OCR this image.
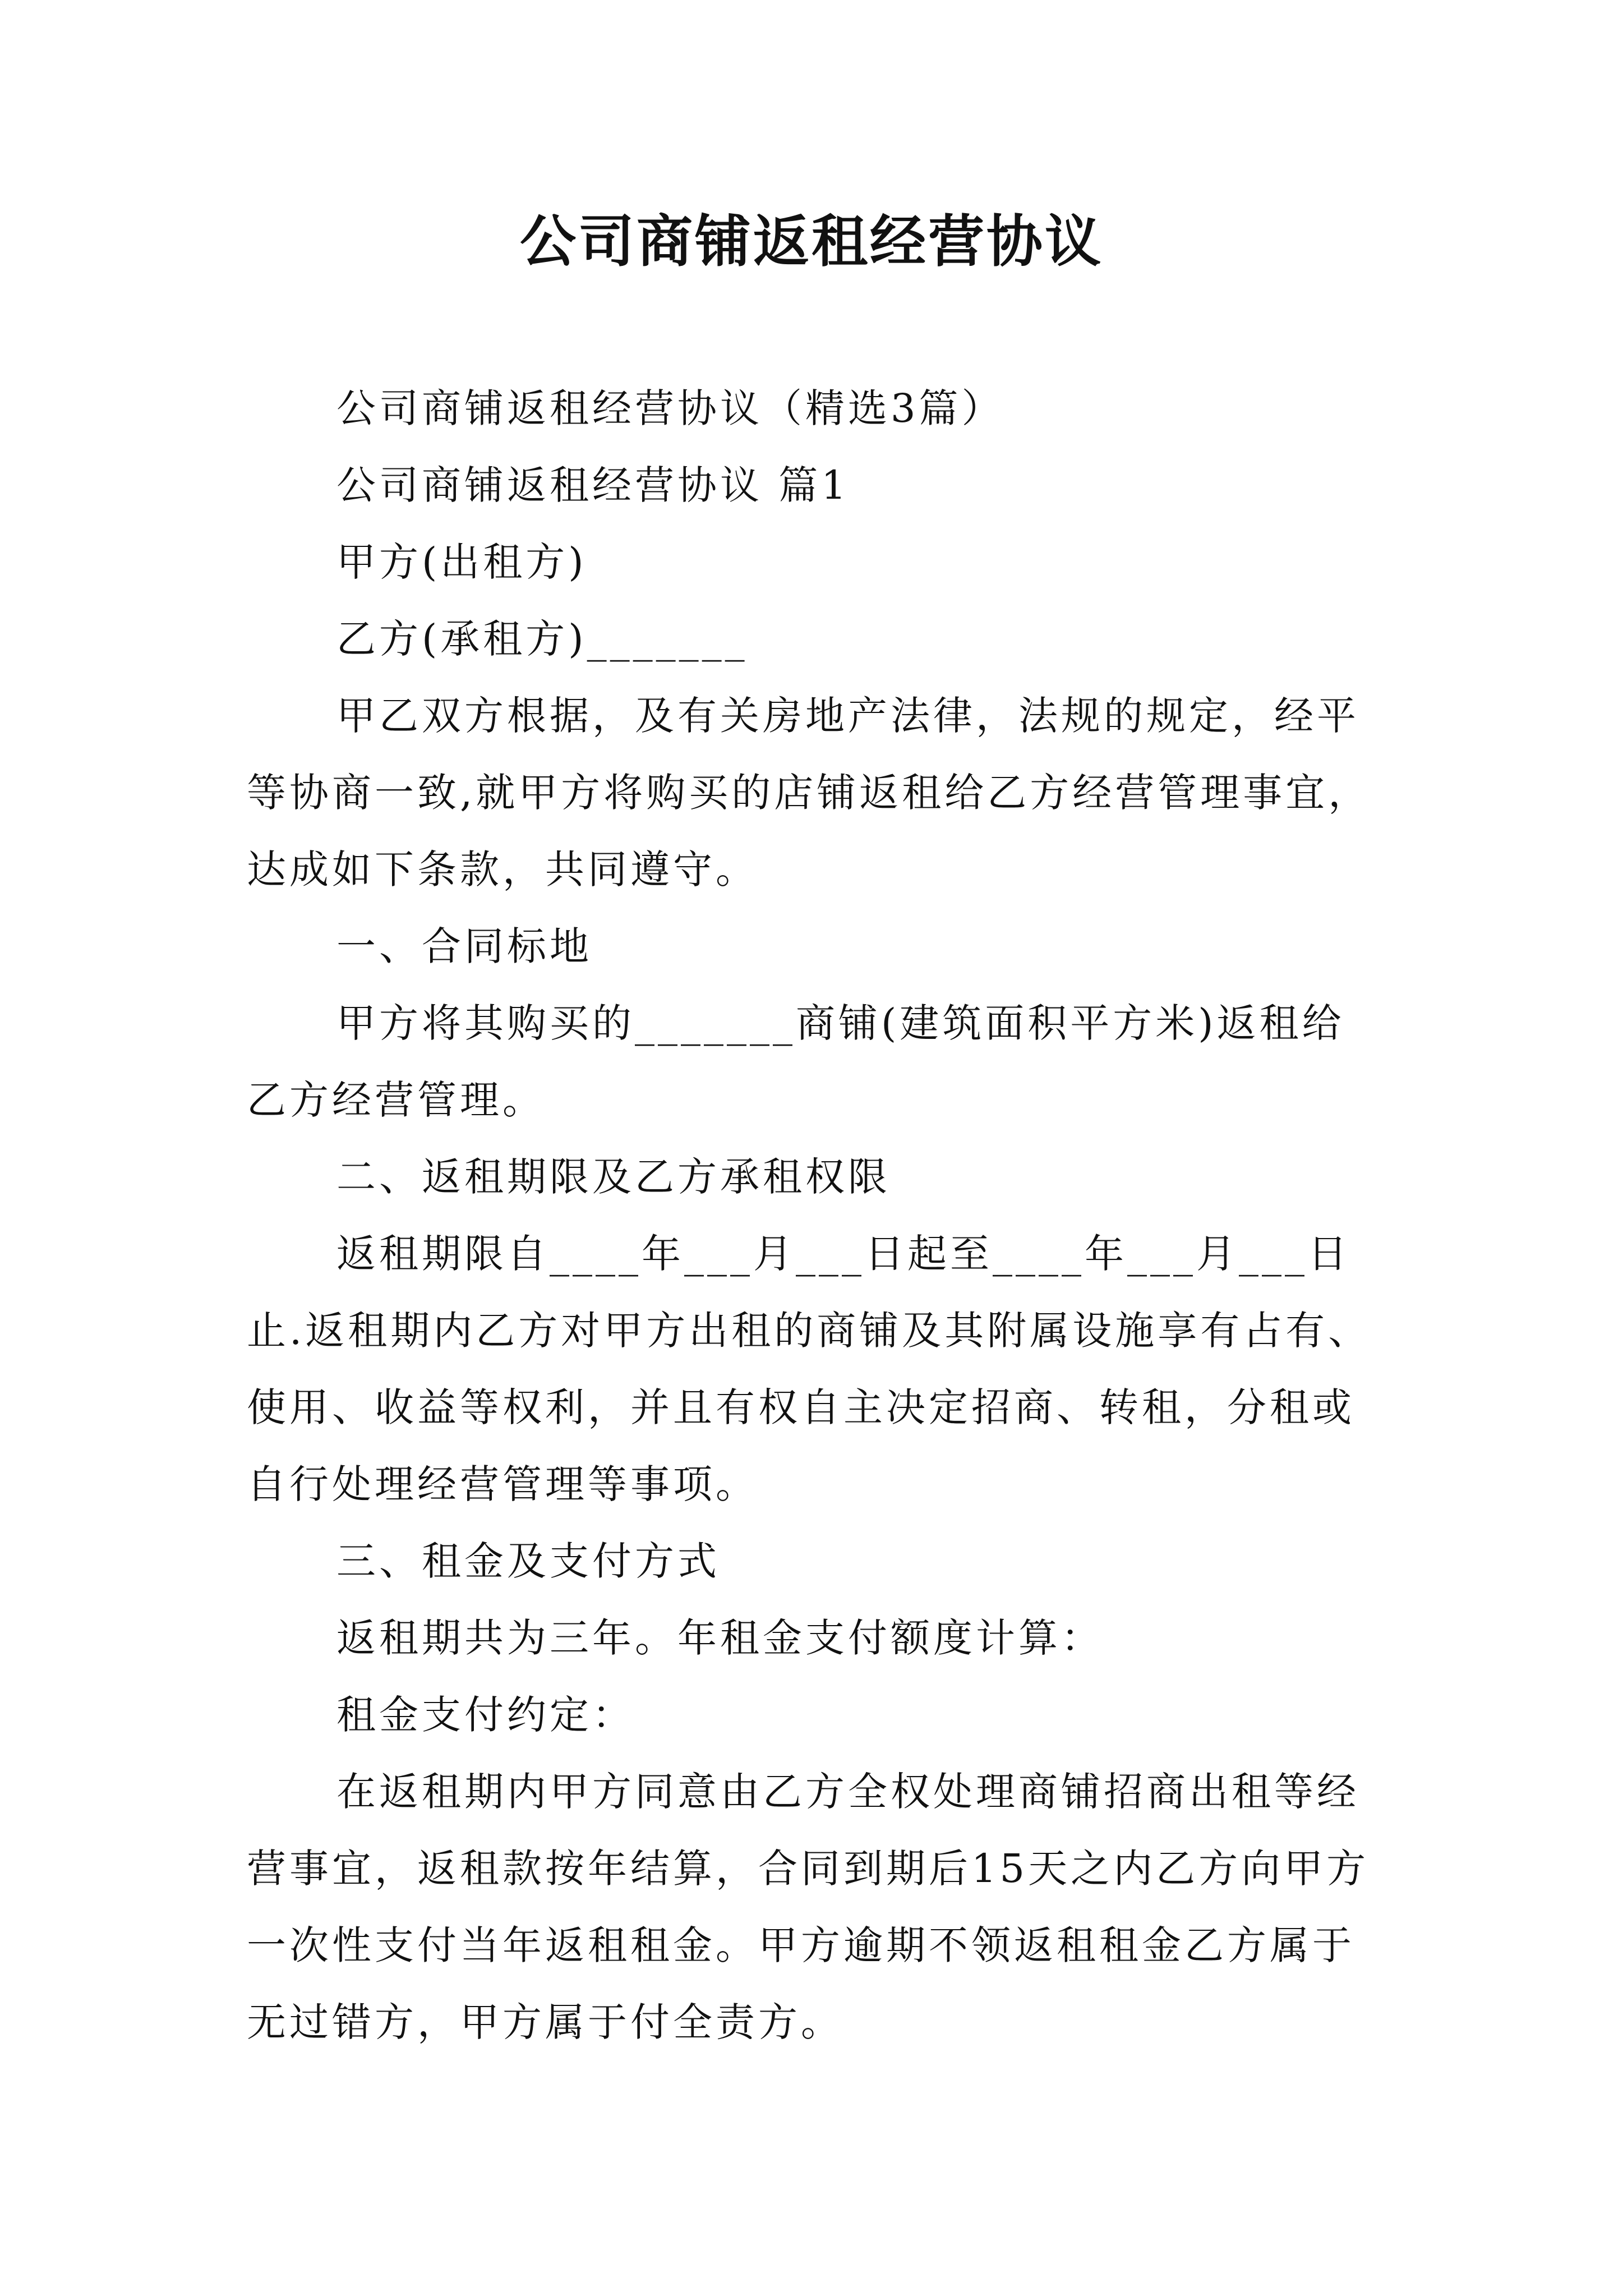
公司商铺返租经营协议

公司商铺返租经营协议（精选3篇）

公司商铺返租经营协议 篇1

甲方(出租方)

乙方(承租方)_______

甲乙双方根据，及有关房地产法律，法规的规定，经平等协商一致,就甲方将购买的店铺返租给乙方经营管理事宜，达成如下条款，共同遵守。

一、合同标地

甲方将其购买的_______商铺(建筑面积平方米)返租给乙方经营管理。

二、返租期限及乙方承租权限

返租期限自____年___月___日起至____年___月___日止.返租期内乙方对甲方出租的商铺及其附属设施享有占有、使用、收益等权利，并且有权自主决定招商、转租，分租或自行处理经营管理等事项。

三、租金及支付方式

返租期共为三年。年租金支付额度计算：

租金支付约定：

在返租期内甲方同意由乙方全权处理商铺招商出租等经营事宜，返租款按年结算，合同到期后15天之内乙方向甲方一次性支付当年返租租金。甲方逾期不领返租租金乙方属于无过错方，甲方属于付全责方。
